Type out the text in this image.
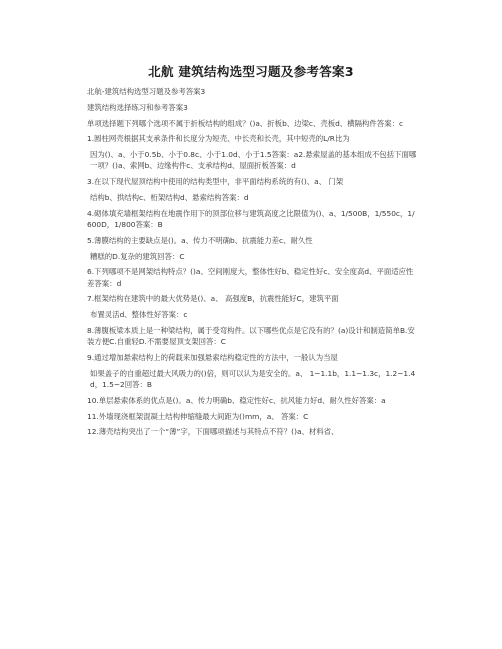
北航 建筑结构选型习题及参考答案3

北航-建筑结构选型习题及参考答案3

建筑结构选择练习和参考答案3

单项选择题下列哪个选项不属于折板结构的组成？()a、折板b、边梁c、壳板d、横隔构件答案：c

1.圆柱网壳根据其支承条件和长度分为短壳、中长壳和长壳，其中短壳的L/R比为

因为()、a、小于0.5b、小于0.8c、小于1.0d、小于1.5答案：a2.悬索屋盖的基本组成不包括下面哪一项？()a、索网b、边缘构件c、支承结构d、屋面折板答案：d

3.在以下现代屋顶结构中使用的结构类型中，非平面结构系统的有()、a、 门架

结构b、拱结构c、桁架结构d、悬索结构答案：d

4.砌体填充墙框架结构在地震作用下的顶部位移与建筑高度之比限值为()、a、1/500B，1/550c，1/600D，1/800答案：B

5.薄膜结构的主要缺点是()。a、传力不明确b、抗震能力差c、耐久性

糟糕的D.复杂的建筑回答：C

6.下列哪项不是网架结构特点？()a、空间刚度大，整体性好b、稳定性好c、安全度高d、平面适应性差答案：d

7.框架结构在建筑中的最大优势是()、a、 高强度B，抗震性能好C，建筑平面

布置灵活d、整体性好答案：c

8.薄腹板梁本质上是一种梁结构，属于受弯构件。以下哪些优点是它没有的？(a)设计和制造简单B.安装方便C.自重轻D.不需要屋顶支架回答：C

9.通过增加悬索结构上的荷载来加强悬索结构稳定性的方法中，一般认为当屋

如果盖子的自重超过最大风吸力的()倍，则可以认为是安全的。a、 1~1.1b，1.1~1.3c，1.2~1.4d，1.5~2回答：B

10.单层悬索体系的优点是()。a、传力明确b、稳定性好c、抗风能力好d、耐久性好答案：a

11.外墙现浇框架混凝土结构伸缩缝最大间距为()mm，a、 答案：C

12.薄壳结构突出了一个“薄”字，下面哪项描述与其特点不符？()a、材料省、
